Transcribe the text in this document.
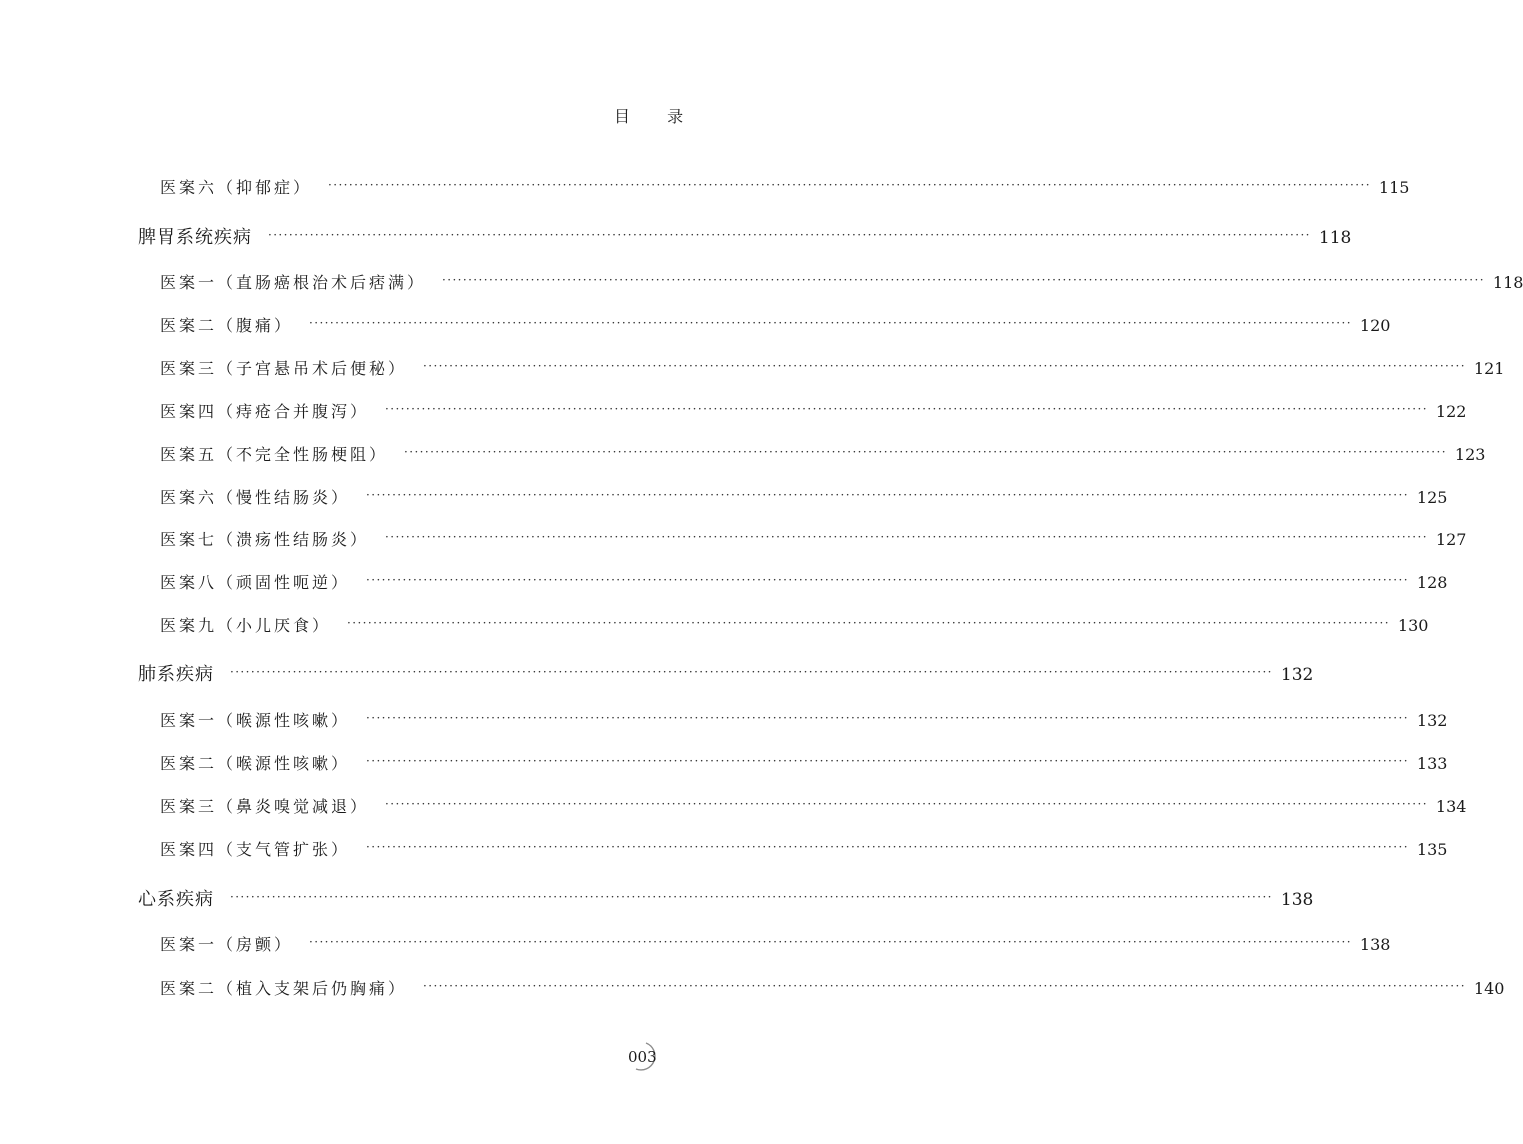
目 录
医案六（抑郁症） ········································································································································································································ 115
脾胃系统疾病 ········································································································································································································ 118
医案一（直肠癌根治术后痞满） ········································································································································································································ 118
医案二（腹痛） ········································································································································································································ 120
医案三（子宫悬吊术后便秘） ········································································································································································································ 121
医案四（痔疮合并腹泻） ········································································································································································································ 122
医案五（不完全性肠梗阻） ········································································································································································································ 123
医案六（慢性结肠炎） ········································································································································································································ 125
医案七（溃疡性结肠炎） ········································································································································································································ 127
医案八（顽固性呃逆） ········································································································································································································ 128
医案九（小儿厌食） ········································································································································································································ 130
肺系疾病 ········································································································································································································ 132
医案一（喉源性咳嗽） ········································································································································································································ 132
医案二（喉源性咳嗽） ········································································································································································································ 133
医案三（鼻炎嗅觉减退） ········································································································································································································ 134
医案四（支气管扩张） ········································································································································································································ 135
心系疾病 ········································································································································································································ 138
医案一（房颤） ········································································································································································································ 138
医案二（植入支架后仍胸痛） ········································································································································································································ 140
003
